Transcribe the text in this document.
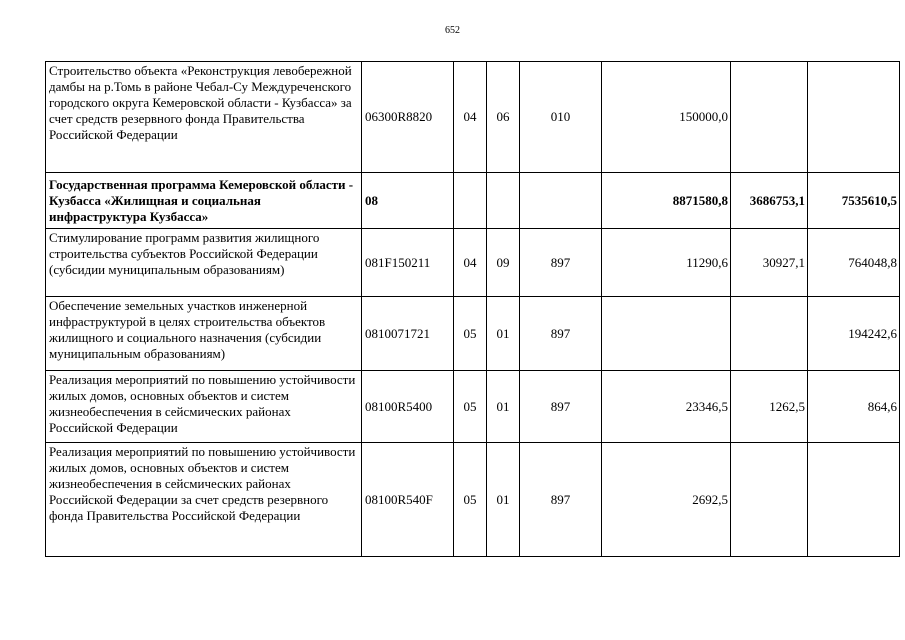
652
Строительство объекта «Реконструкция левобережной дамбы на р.Томь в районе Чебал-Су Междуреченского городского округа Кемеровской области - Кузбасса» за счет средств резервного фонда Правительства Российской Федерации	06300R8820	04	06	010	150000,0		
Государственная программа Кемеровской области - Кузбасса «Жилищная и социальная инфраструктура Кузбасса»	08				8871580,8	3686753,1	7535610,5
Стимулирование программ развития жилищного строительства субъектов Российской Федерации (субсидии муниципальным образованиям)	081F150211	04	09	897	11290,6	30927,1	764048,8
Обеспечение земельных участков инженерной инфраструктурой в целях строительства объектов жилищного и социального назначения (субсидии муниципальным образованиям)	0810071721	05	01	897			194242,6
Реализация мероприятий по повышению устойчивости жилых домов, основных объектов и систем жизнеобеспечения в сейсмических районах Российской Федерации	08100R5400	05	01	897	23346,5	1262,5	864,6
Реализация мероприятий по повышению устойчивости жилых домов, основных объектов и систем жизнеобеспечения в сейсмических районах Российской Федерации за счет средств резервного фонда Правительства Российской Федерации	08100R540F	05	01	897	2692,5		
